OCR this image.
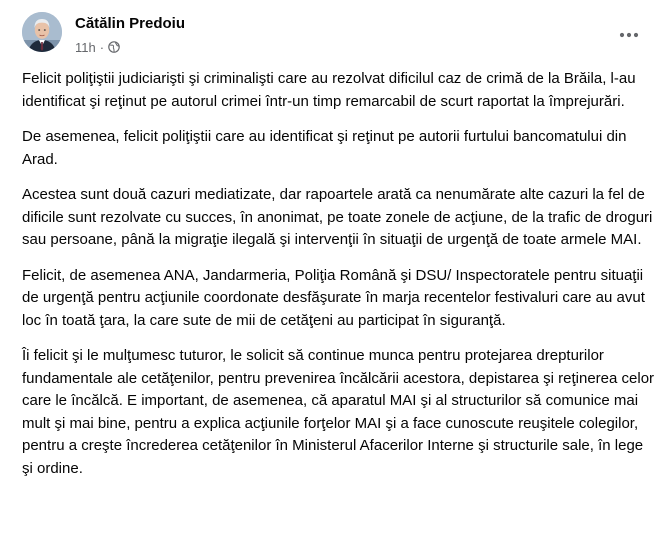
Cătălin Predoiu
11h ·

Felicit poliţiştii judiciarişti şi criminalişti care au rezolvat dificilul caz de crimă de la Brăila, l-au identificat şi reţinut pe autorul crimei într-un timp remarcabil de scurt raportat la împrejurări.

De asemenea, felicit poliţiştii care au identificat şi reţinut pe autorii furtului bancomatului din Arad.

Acestea sunt două cazuri mediatizate, dar rapoartele arată ca nenumărate alte cazuri la fel de dificile sunt rezolvate cu succes, în anonimat, pe toate zonele de acţiune, de la trafic de droguri sau persoane, până la migraţie ilegală şi intervenţii în situaţii de urgenţă de toate armele MAI.

Felicit, de asemenea ANA, Jandarmeria, Poliţia Română şi DSU/ Inspectoratele pentru situaţii de urgenţă pentru acţiunile coordonate desfăşurate în marja recentelor festivaluri care au avut loc în toată ţara, la care sute de mii de cetăţeni au participat în siguranţă.

Îi felicit şi le mulţumesc tuturor, le solicit să continue munca pentru protejarea drepturilor fundamentale ale cetăţenilor, pentru prevenirea încălcării acestora, depistarea şi reţinerea celor care le încălcă. E important, de asemenea, că aparatul MAI şi al structurilor să comunice mai mult şi mai bine, pentru a explica acţiunile forţelor MAI şi a face cunoscute reuşitele colegilor, pentru a creşte încrederea cetăţenilor în Ministerul Afacerilor Interne şi structurile sale, în lege şi ordine.
